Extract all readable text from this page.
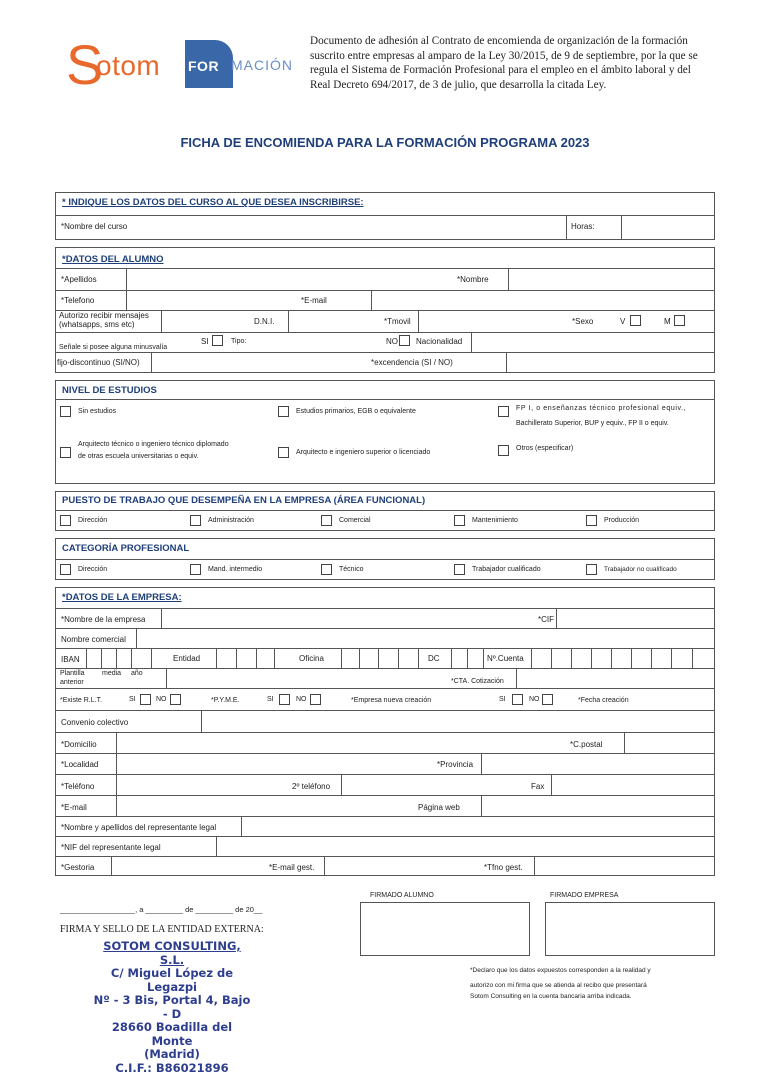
S
otom FOR MACIÓN
Documento de adhesión al Contrato de encomienda de organización de la formación suscrito entre empresas al amparo de la Ley 30/2015, de 9 de septiembre, por la que se regula el Sistema de Formación Profesional para el empleo en el ámbito laboral y del Real Decreto 694/2017, de 3 de julio, que desarrolla la citada Ley.
FICHA DE ENCOMIENDA PARA LA FORMACIÓN PROGRAMA 2023
* INDIQUE LOS DATOS DEL CURSO AL QUE DESEA INSCRIBIRSE:
*Nombre del curso	Horas:
*DATOS DEL ALUMNO
*Apellidos	*Nombre
*Telefono	*E-mail
Autorizo recibir mensajes
(whatsapps, sms etc)	D.N.I.	*Tmovil	*Sexo	V	M
Señale si posee alguna minusvalía
SI	Tipo:	NO Nacionalidad
fijo-discontinuo (SI/NO)	*excendencia (SI / NO)
NIVEL DE ESTUDIOS
Sin estudios	Estudios primarios, EGB o equivalente	FP I, o enseñanzas técnico profesional equiv.,
Bachillerato Superior, BUP y equiv., FP II o equiv.
Arquitecto técnico o ingeniero técnico diplomado
de otras escuela universitarias o equiv.
Arquitecto e ingeniero superior o licenciado
Otros (especificar)
PUESTO DE TRABAJO QUE DESEMPEÑA EN LA EMPRESA (ÁREA FUNCIONAL)
Dirección	Administración	Comercial	Mantenimiento	Producción
CATEGORÍA PROFESIONAL
Dirección	Mand. intermedio	Técnico	Trabajador cualificado	Trabajador no cualificado
*DATOS DE LA EMPRESA:
*Nombre de la empresa	*CIF
Nombre comercial
IBAN	Entidad	Oficina	DC	Nº.Cuenta
Plantilla media año
anterior	*CTA. Cotización
*Existe R.L.T.	SI	NO	*P.Y.M.E.	SI	NO	*Empresa nueva creación	SI	NO	*Fecha creación
Convenio colectivo
*Domicilio	*C.postal
*Localidad	*Provincia
*Teléfono	2º teléfono	Fax
*E-mail	Página web
*Nombre y apellidos del representante legal
*NIF del representante legal
*Gestoria	*E-mail gest.	*Tfno gest.
FIRMADO ALUMNO	FIRMADO EMPRESA
__________________, a _________ de _________ de 20__
FIRMA Y SELLO DE LA ENTIDAD EXTERNA:
SOTOM CONSULTING, S.L.
C/ Miguel López de Legazpi
Nº - 3 Bis, Portal 4, Bajo - D
28660 Boadilla del Monte
(Madrid)
C.I.F.: B86021896
*Declaro que los datos expuestos corresponden a la realidad y
autorizo con mi firma que se atienda al recibo que presentará
Sotom Consulting en la cuenta bancaria arriba indicada.
